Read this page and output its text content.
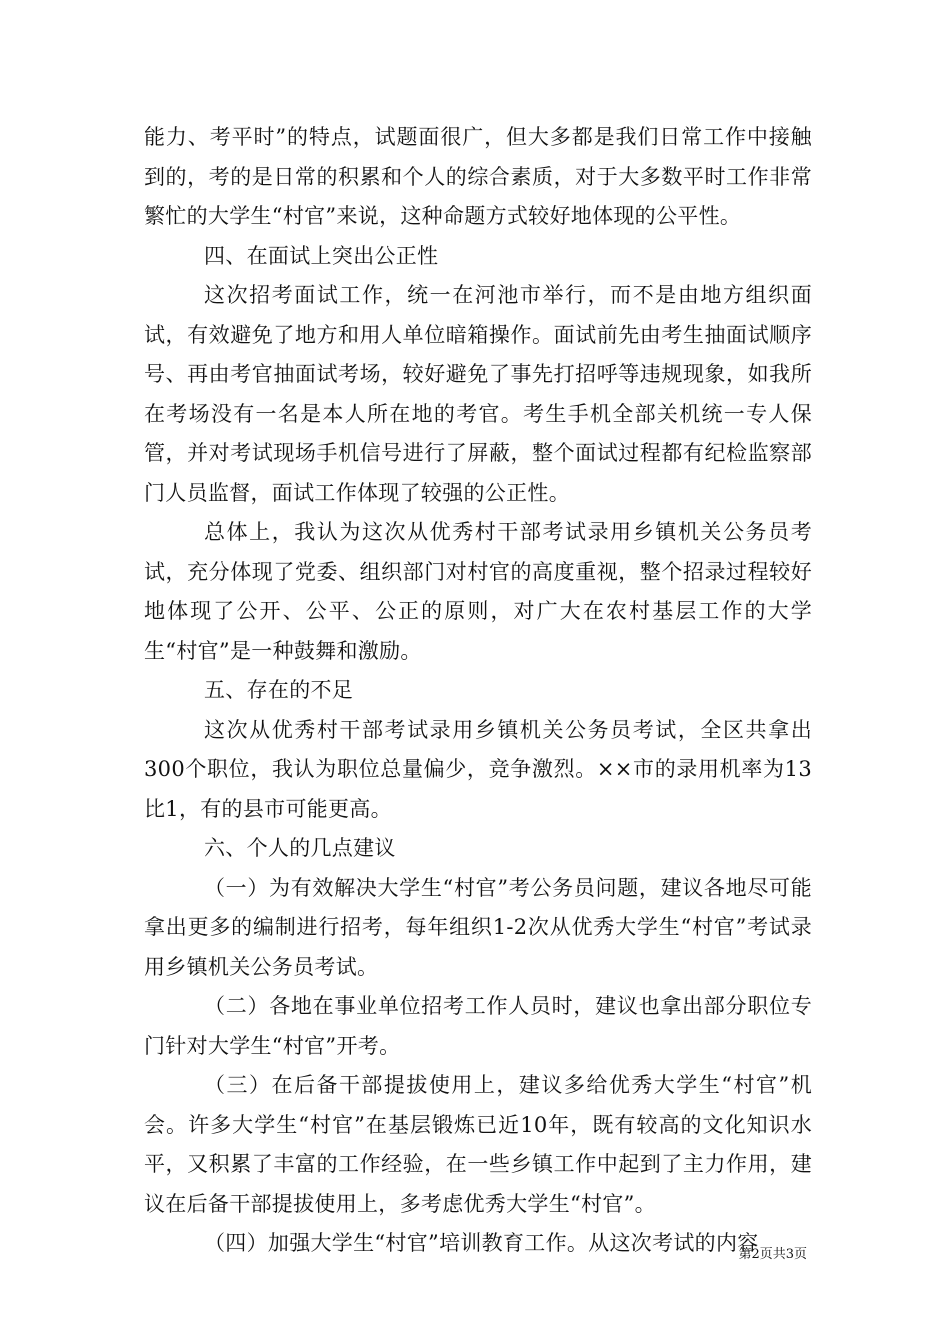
能力、考平时”的特点，试题面很广，但大多都是我们日常工作中接触到的，考的是日常的积累和个人的综合素质，对于大多数平时工作非常繁忙的大学生“村官”来说，这种命题方式较好地体现的公平性。

四、在面试上突出公正性

这次招考面试工作，统一在河池市举行，而不是由地方组织面试，有效避免了地方和用人单位暗箱操作。面试前先由考生抽面试顺序号、再由考官抽面试考场，较好避免了事先打招呼等违规现象，如我所在考场没有一名是本人所在地的考官。考生手机全部关机统一专人保管，并对考试现场手机信号进行了屏蔽，整个面试过程都有纪检监察部门人员监督，面试工作体现了较强的公正性。

总体上，我认为这次从优秀村干部考试录用乡镇机关公务员考试，充分体现了党委、组织部门对村官的高度重视，整个招录过程较好地体现了公开、公平、公正的原则，对广大在农村基层工作的大学生“村官”是一种鼓舞和激励。

五、存在的不足

这次从优秀村干部考试录用乡镇机关公务员考试，全区共拿出300个职位，我认为职位总量偏少，竞争激烈。××市的录用机率为13比1，有的县市可能更高。

六、个人的几点建议

（一）为有效解决大学生“村官”考公务员问题，建议各地尽可能拿出更多的编制进行招考，每年组织1-2次从优秀大学生“村官”考试录用乡镇机关公务员考试。

（二）各地在事业单位招考工作人员时，建议也拿出部分职位专门针对大学生“村官”开考。

（三）在后备干部提拔使用上，建议多给优秀大学生“村官”机会。许多大学生“村官”在基层锻炼已近10年，既有较高的文化知识水平，又积累了丰富的工作经验，在一些乡镇工作中起到了主力作用，建议在后备干部提拔使用上，多考虑优秀大学生“村官”。

（四）加强大学生“村官”培训教育工作。从这次考试的内容

第2页共3页
